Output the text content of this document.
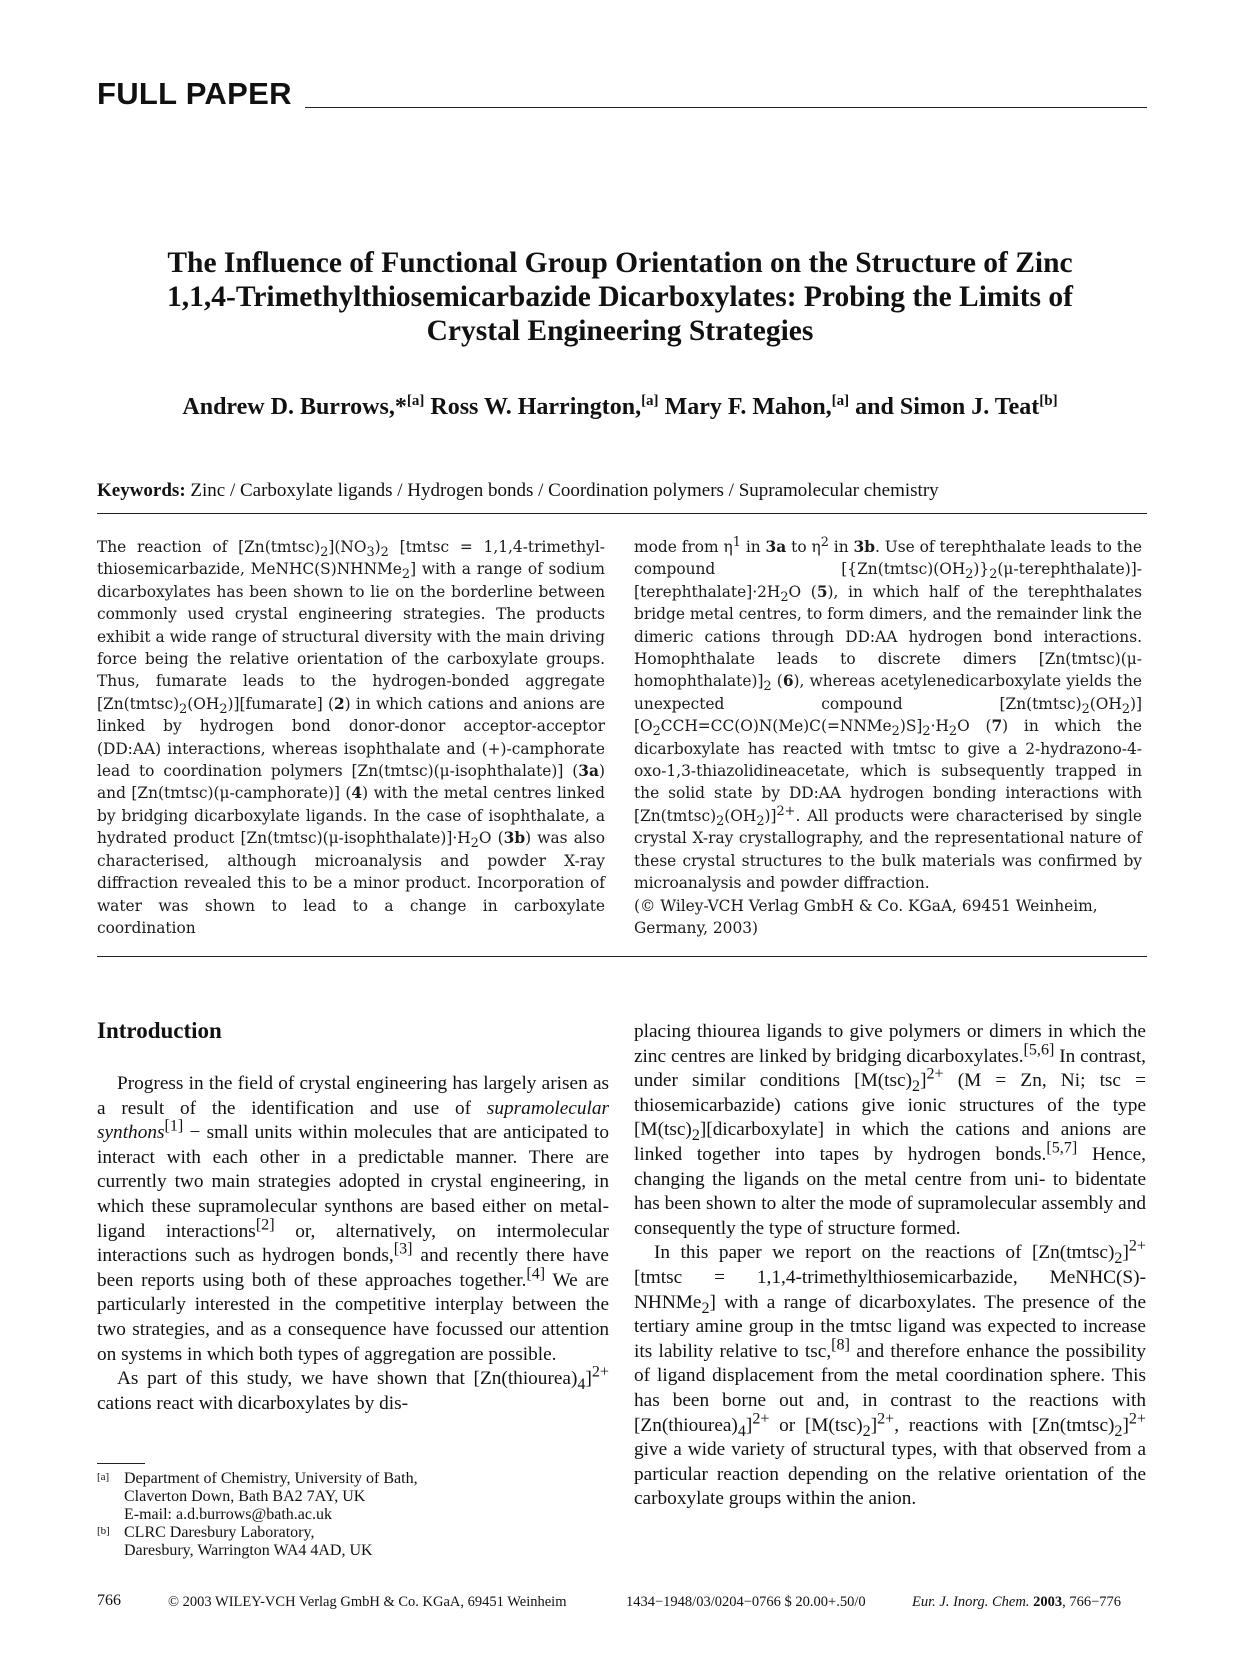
FULL PAPER
The Influence of Functional Group Orientation on the Structure of Zinc
1,1,4-Trimethylthiosemicarbazide Dicarboxylates: Probing the Limits of
Crystal Engineering Strategies
Andrew D. Burrows,*[a] Ross W. Harrington,[a] Mary F. Mahon,[a] and Simon J. Teat[b]
Keywords: Zinc / Carboxylate ligands / Hydrogen bonds / Coordination polymers / Supramolecular chemistry
The reaction of $[Zn(tmtsc)_2](NO_3)_2$ [tmtsc = 1,1,4-trimethylthiosemicarbazide, MeNHC(S)NHNMe$_2$] with a range of sodium dicarboxylates has been shown to lie on the borderline between commonly used crystal engineering strategies. The products exhibit a wide range of structural diversity with the main driving force being the relative orientation of the carboxylate groups. Thus, fumarate leads to the hydrogen-bonded aggregate $[Zn(tmtsc)_2(OH_2)][fumarate]$ (2) in which cations and anions are linked by hydrogen bond donor-donor acceptor-acceptor (DD:AA) interactions, whereas isophthalate and (+)-camphorate lead to coordination polymers [Zn(tmtsc)(μ-isophthalate)] (3a) and [Zn(tmtsc)(μ-camphorate)] (4) with the metal centres linked by bridging dicarboxylate ligands. In the case of isophthalate, a hydrated product $[Zn(tmtsc)(\mu-isophthalate)]\cdot H_2O$ (3b) was also characterised, although microanalysis and powder X-ray diffraction revealed this to be a minor product. Incorporation of water was shown to lead to a change in carboxylate coordination
mode from $\eta^1$ in 3a to $\eta^2$ in 3b. Use of terephthalate leads to the compound $[\{Zn(tmtsc)(OH_2)\}_2(\mu-terephthalate)][terephthalate]\cdot 2H_2O$ (5), in which half of the terephthalates bridge metal centres, to form dimers, and the remainder link the dimeric cations through DD:AA hydrogen bond interactions. Homophthalate leads to discrete dimers $[Zn(tmtsc)(\mu-homophthalate)]_2$ (6), whereas acetylenedicarboxylate yields the unexpected compound $[Zn(tmtsc)_2(OH_2)][O_2CCH=CC(O)N(Me)C(=NNMe_2)S]_2\cdot H_2O$ (7) in which the dicarboxylate has reacted with tmtsc to give a 2-hydrazono-4-oxo-1,3-thiazolidineacetate, which is subsequently trapped in the solid state by DD:AA hydrogen bonding interactions with $[Zn(tmtsc)_2(OH_2)]^{2+}$. All products were characterised by single crystal X-ray crystallography, and the representational nature of these crystal structures to the bulk materials was confirmed by microanalysis and powder diffraction.
(© Wiley-VCH Verlag GmbH & Co. KGaA, 69451 Weinheim,
Germany, 2003)
Introduction

Progress in the field of crystal engineering has largely arisen as a result of the identification and use of supramolecular synthons[1] − small units within molecules that are anticipated to interact with each other in a predictable manner. There are currently two main strategies adopted in crystal engineering, in which these supramolecular synthons are based either on metal-ligand interactions[2] or, alternatively, on intermolecular interactions such as hydrogen bonds,[3] and recently there have been reports using both of these approaches together.[4] We are particularly interested in the competitive interplay between the two strategies, and as a consequence have focussed our attention on systems in which both types of aggregation are possible.

As part of this study, we have shown that $[Zn(thiourea)_4]^{2+}$ cations react with dicarboxylates by dis-

placing thiourea ligands to give polymers or dimers in which the zinc centres are linked by bridging dicarboxylates.[5,6] In contrast, under similar conditions $[M(tsc)_2]^{2+}$ (M = Zn, Ni; tsc = thiosemicarbazide) cations give ionic structures of the type $[M(tsc)_2][dicarboxylate]$ in which the cations and anions are linked together into tapes by hydrogen bonds.[5,7] Hence, changing the ligands on the metal centre from uni- to bidentate has been shown to alter the mode of supramolecular assembly and consequently the type of structure formed.

In this paper we report on the reactions of $[Zn(tmtsc)_2]^{2+}$ [tmtsc = 1,1,4-trimethylthiosemicarbazide, MeNHC(S)-NHNMe$_2$] with a range of dicarboxylates. The presence of the tertiary amine group in the tmtsc ligand was expected to increase its lability relative to tsc,[8] and therefore enhance the possibility of ligand displacement from the metal coordination sphere. This has been borne out and, in contrast to the reactions with $[Zn(thiourea)_4]^{2+}$ or $[M(tsc)_2]^{2+}$, reactions with $[Zn(tmtsc)_2]^{2+}$ give a wide variety of structural types, with that observed from a particular reaction depending on the relative orientation of the carboxylate groups within the anion.

[a] Department of Chemistry, University of Bath,
Claverton Down, Bath BA2 7AY, UK
E-mail: a.d.burrows@bath.ac.uk
[b] CLRC Daresbury Laboratory,
Daresbury, Warrington WA4 4AD, UK
766	© 2003 WILEY-VCH Verlag GmbH & Co. KGaA, 69451 Weinheim	1434−1948/03/0204−0766 $ 20.00+.50/0	Eur. J. Inorg. Chem. 2003, 766−776
